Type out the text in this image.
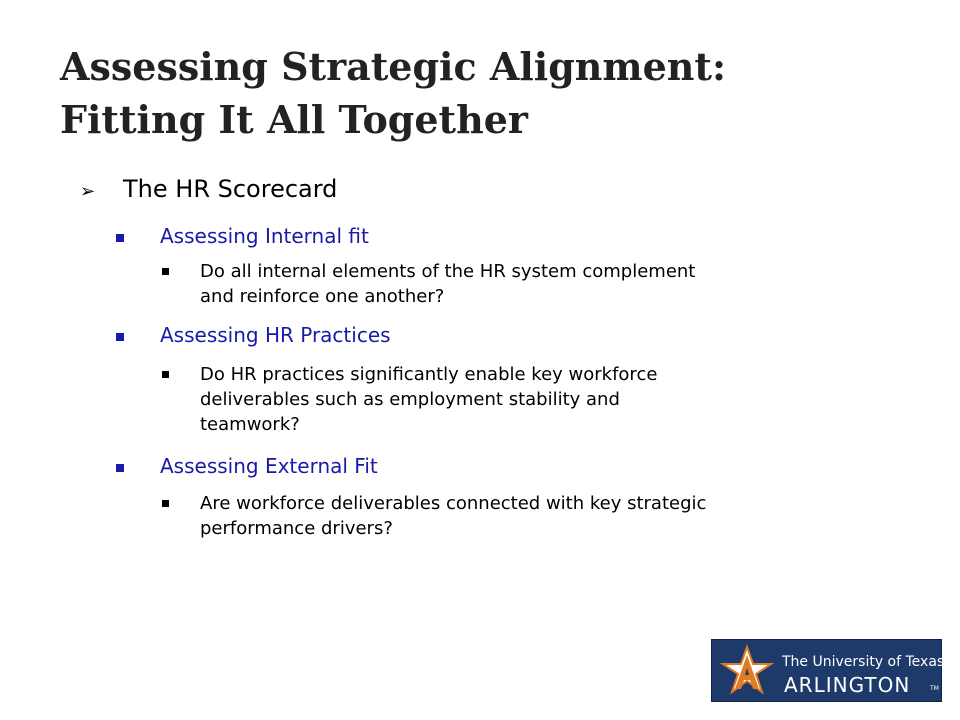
Assessing Strategic Alignment:
Fitting It All Together
➢ The HR Scorecard
Assessing Internal fit
Do all internal elements of the HR system complement
and reinforce one another?
Assessing HR Practices
Do HR practices significantly enable key workforce
deliverables such as employment stability and
teamwork?
Assessing External Fit
Are workforce deliverables connected with key strategic
performance drivers?
The University of Texas
ARLINGTON	TM
